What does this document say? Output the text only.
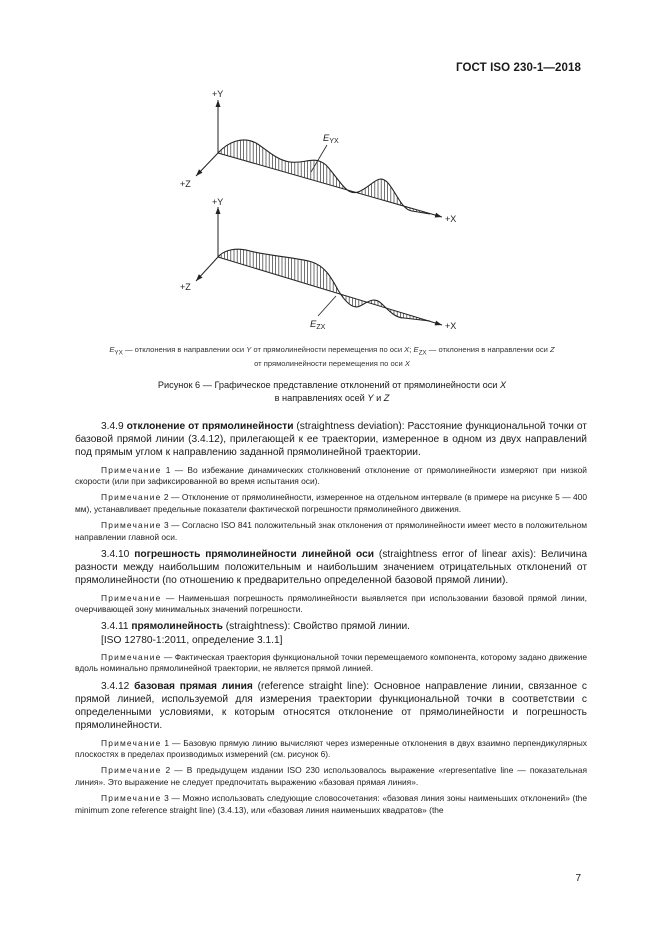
ГОСТ ISO 230-1—2018
+Y
+Z
+X
+Y
+Z
+X
$E_{YX}$
$E_{ZX}$
$E_{YX}$ — отклонения в направлении оси Y от прямолинейности перемещения по оси X; $E_{ZX}$ — отклонения в направлении оси Z
от прямолинейности перемещения по оси X
Рисунок 6 — Графическое представление отклонений от прямолинейности оси X
в направлениях осей Y и Z

3.4.9 отклонение от прямолинейности (straightness deviation): Расстояние функциональной точки от базовой прямой линии (3.4.12), прилегающей к ее траектории, измеренное в одном из двух направлений под прямым углом к направлению заданной прямолинейной траектории.

Примечание 1 — Во избежание динамических столкновений отклонение от прямолинейности измеряют при низкой скорости (или при зафиксированной во время испытания оси).

Примечание 2 — Отклонение от прямолинейности, измеренное на отдельном интервале (в примере на рисунке 5 — 400 мм), устанавливает предельные показатели фактической погрешности прямолинейного движения.

Примечание 3 — Согласно ISO 841 положительный знак отклонения от прямолинейности имеет место в положительном направлении главной оси.

3.4.10 погрешность прямолинейности линейной оси (straightness error of linear axis): Величина разности между наибольшим положительным и наибольшим значением отрицательных отклонений от прямолинейности (по отношению к предварительно определенной базовой прямой линии).

Примечание — Наименьшая погрешность прямолинейности выявляется при использовании базовой прямой линии, очерчивающей зону минимальных значений погрешности.

3.4.11 прямолинейность (straightness): Свойство прямой линии.

[ISO 12780-1:2011, определение 3.1.1]

Примечание — Фактическая траектория функциональной точки перемещаемого компонента, которому задано движение вдоль номинально прямолинейной траектории, не является прямой линией.

3.4.12 базовая прямая линия (reference straight line): Основное направление линии, связанное с прямой линией, используемой для измерения траектории функциональной точки в соответствии с определенными условиями, к которым относятся отклонение от прямолинейности и погрешность прямолинейности.

Примечание 1 — Базовую прямую линию вычисляют через измеренные отклонения в двух взаимно перпендикулярных плоскостях в пределах производимых измерений (см. рисунок 6).

Примечание 2 — В предыдущем издании ISO 230 использовалось выражение «representative line — показательная линия». Это выражение не следует предпочитать выражению «базовая прямая линия».

Примечание 3 — Можно использовать следующие словосочетания: «базовая линия зоны наименьших отклонений» (the minimum zone reference straight line) (3.4.13), или «базовая линия наименьших квадратов» (the

7
